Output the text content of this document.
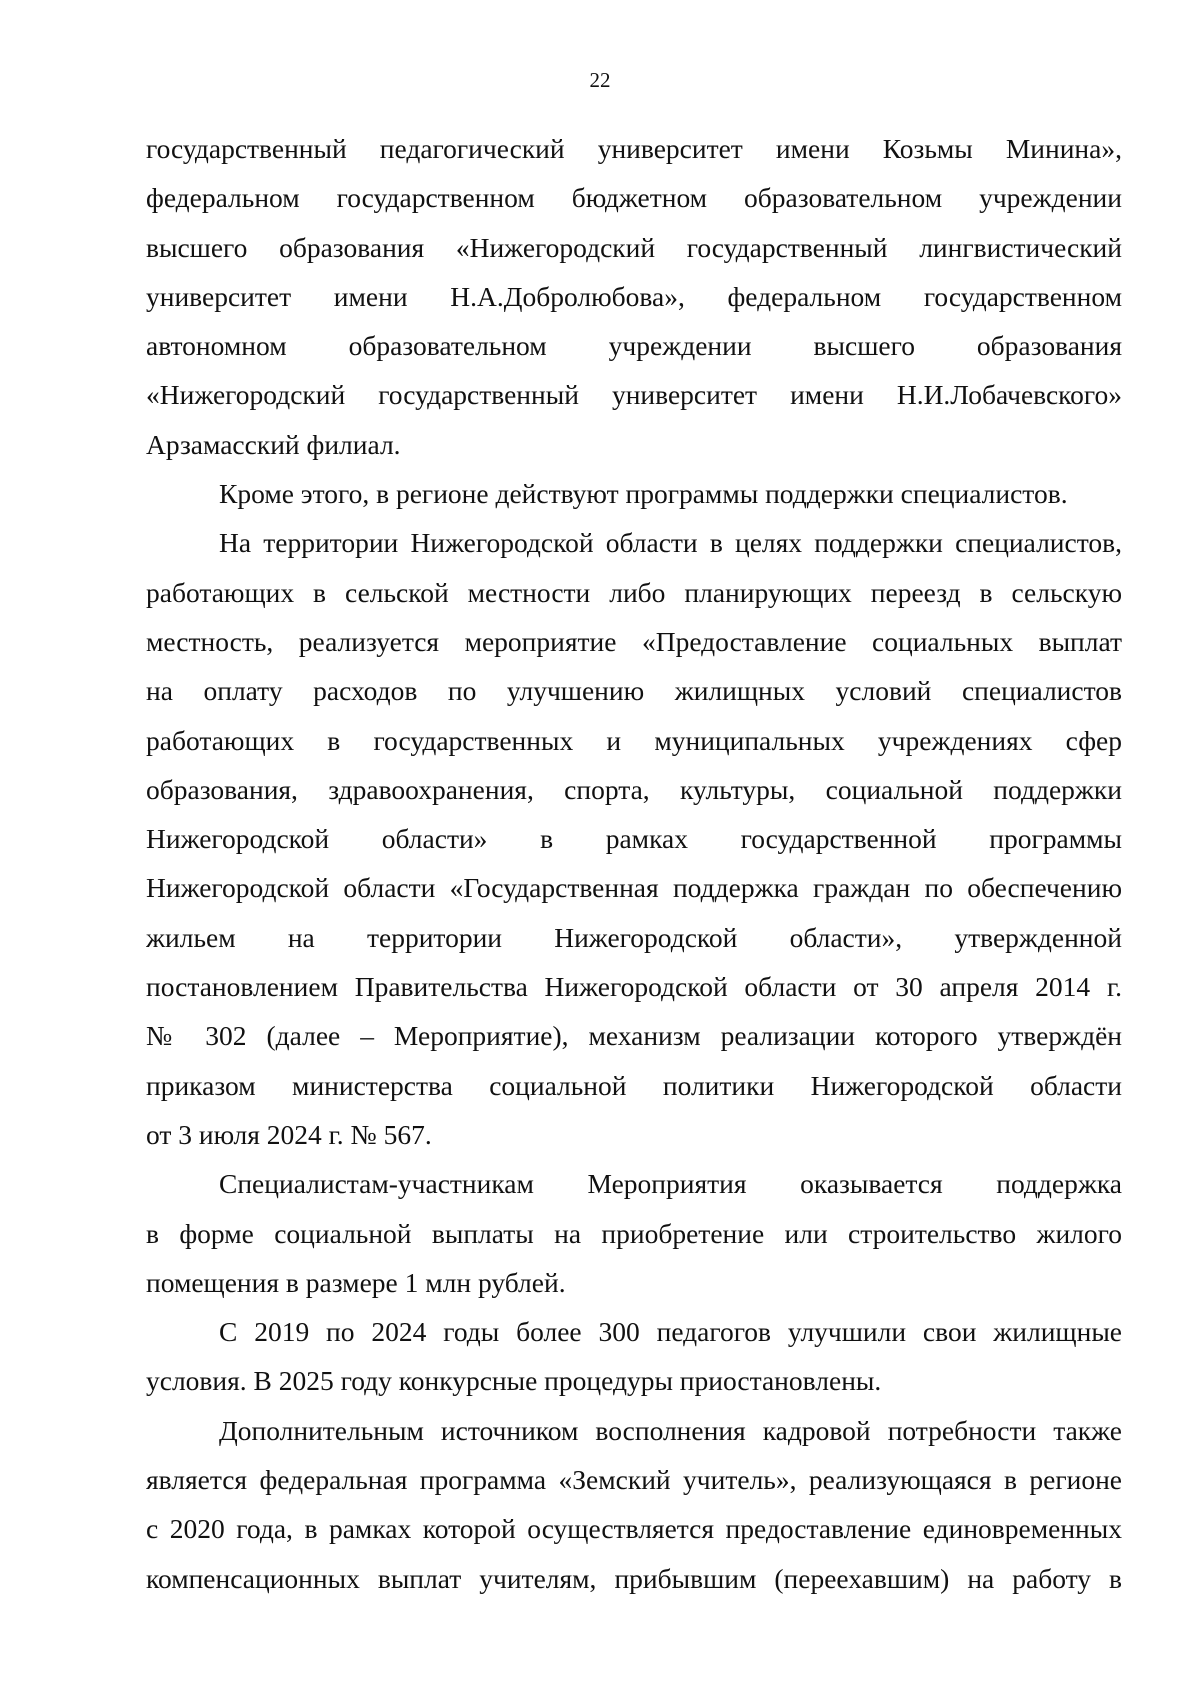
22
государственный педагогический университет имени Козьмы Минина»,
федеральном государственном бюджетном образовательном учреждении
высшего образования «Нижегородский государственный лингвистический
университет имени Н.А.Добролюбова», федеральном государственном
автономном образовательном учреждении высшего образования
«Нижегородский государственный университет имени Н.И.Лобачевского»
Арзамасский филиал.
Кроме этого, в регионе действуют программы поддержки специалистов.
На территории Нижегородской области в целях поддержки специалистов,
работающих в сельской местности либо планирующих переезд в сельскую
местность, реализуется мероприятие «Предоставление социальных выплат
на оплату расходов по улучшению жилищных условий специалистов
работающих в государственных и муниципальных учреждениях сфер
образования, здравоохранения, спорта, культуры, социальной поддержки
Нижегородской области» в рамках государственной программы
Нижегородской области «Государственная поддержка граждан по обеспечению
жильем на территории Нижегородской области», утвержденной
постановлением Правительства Нижегородской области от 30 апреля 2014 г.
№ 302 (далее – Мероприятие), механизм реализации которого утверждён
приказом министерства социальной политики Нижегородской области
от 3 июля 2024 г. № 567.
Специалистам-участникам Мероприятия оказывается поддержка
в форме социальной выплаты на приобретение или строительство жилого
помещения в размере 1 млн рублей.
С 2019 по 2024 годы более 300 педагогов улучшили свои жилищные
условия. В 2025 году конкурсные процедуры приостановлены.
Дополнительным источником восполнения кадровой потребности также
является федеральная программа «Земский учитель», реализующаяся в регионе
с 2020 года, в рамках которой осуществляется предоставление единовременных
компенсационных выплат учителям, прибывшим (переехавшим) на работу в
